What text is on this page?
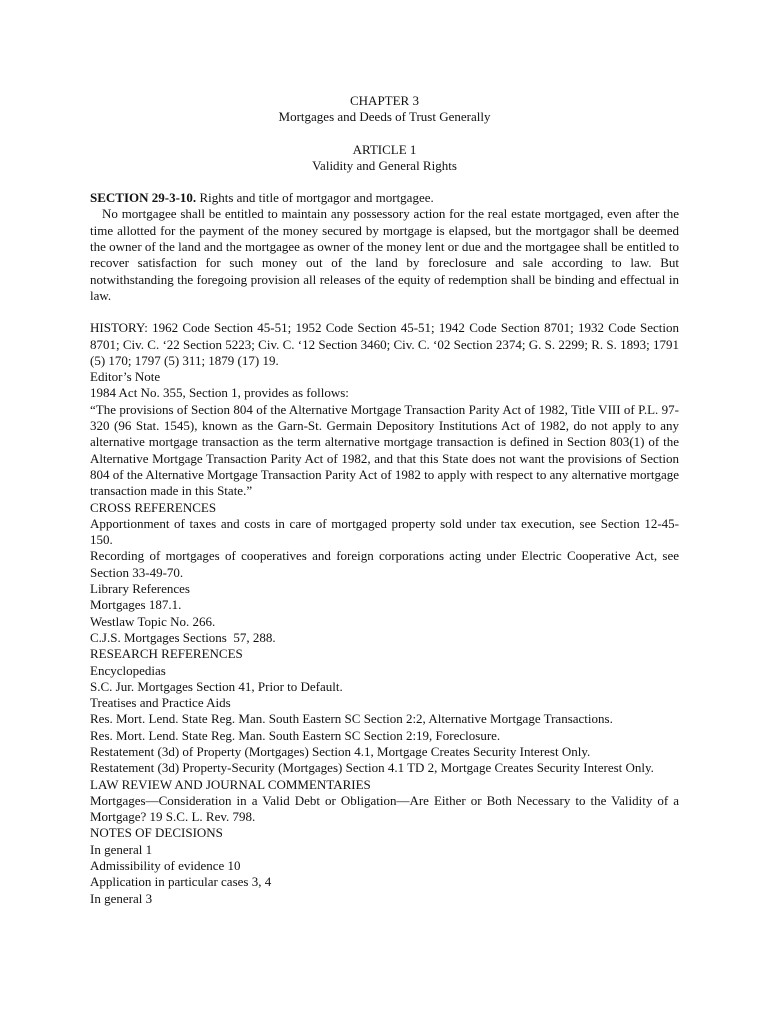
CHAPTER 3

Mortgages and Deeds of Trust Generally

ARTICLE 1

Validity and General Rights

SECTION 29-3-10. Rights and title of mortgagor and mortgagee.

No mortgagee shall be entitled to maintain any possessory action for the real estate mortgaged, even after the time allotted for the payment of the money secured by mortgage is elapsed, but the mortgagor shall be deemed the owner of the land and the mortgagee as owner of the money lent or due and the mortgagee shall be entitled to recover satisfaction for such money out of the land by foreclosure and sale according to law. But notwithstanding the foregoing provision all releases of the equity of redemption shall be binding and effectual in law.

HISTORY: 1962 Code Section 45-51; 1952 Code Section 45-51; 1942 Code Section 8701; 1932 Code Section 8701; Civ. C. ‘22 Section 5223; Civ. C. ‘12 Section 3460; Civ. C. ‘02 Section 2374; G. S. 2299; R. S. 1893; 1791 (5) 170; 1797 (5) 311; 1879 (17) 19.

Editor’s Note

1984 Act No. 355, Section 1, provides as follows:

“The provisions of Section 804 of the Alternative Mortgage Transaction Parity Act of 1982, Title VIII of P.L. 97-320 (96 Stat. 1545), known as the Garn-St. Germain Depository Institutions Act of 1982, do not apply to any alternative mortgage transaction as the term alternative mortgage transaction is defined in Section 803(1) of the Alternative Mortgage Transaction Parity Act of 1982, and that this State does not want the provisions of Section 804 of the Alternative Mortgage Transaction Parity Act of 1982 to apply with respect to any alternative mortgage transaction made in this State.”

CROSS REFERENCES

Apportionment of taxes and costs in care of mortgaged property sold under tax execution, see Section 12-45-150.

Recording of mortgages of cooperatives and foreign corporations acting under Electric Cooperative Act, see Section 33-49-70.

Library References

Mortgages 187.1.

Westlaw Topic No. 266.

C.J.S. Mortgages Sections  57, 288.

RESEARCH REFERENCES

Encyclopedias

S.C. Jur. Mortgages Section 41, Prior to Default.

Treatises and Practice Aids

Res. Mort. Lend. State Reg. Man. South Eastern SC Section 2:2, Alternative Mortgage Transactions.

Res. Mort. Lend. State Reg. Man. South Eastern SC Section 2:19, Foreclosure.

Restatement (3d) of Property (Mortgages) Section 4.1, Mortgage Creates Security Interest Only.

Restatement (3d) Property-Security (Mortgages) Section 4.1 TD 2, Mortgage Creates Security Interest Only.

LAW REVIEW AND JOURNAL COMMENTARIES

Mortgages—Consideration in a Valid Debt or Obligation—Are Either or Both Necessary to the Validity of a Mortgage? 19 S.C. L. Rev. 798.

NOTES OF DECISIONS

In general 1

Admissibility of evidence 10

Application in particular cases 3, 4

In general 3
